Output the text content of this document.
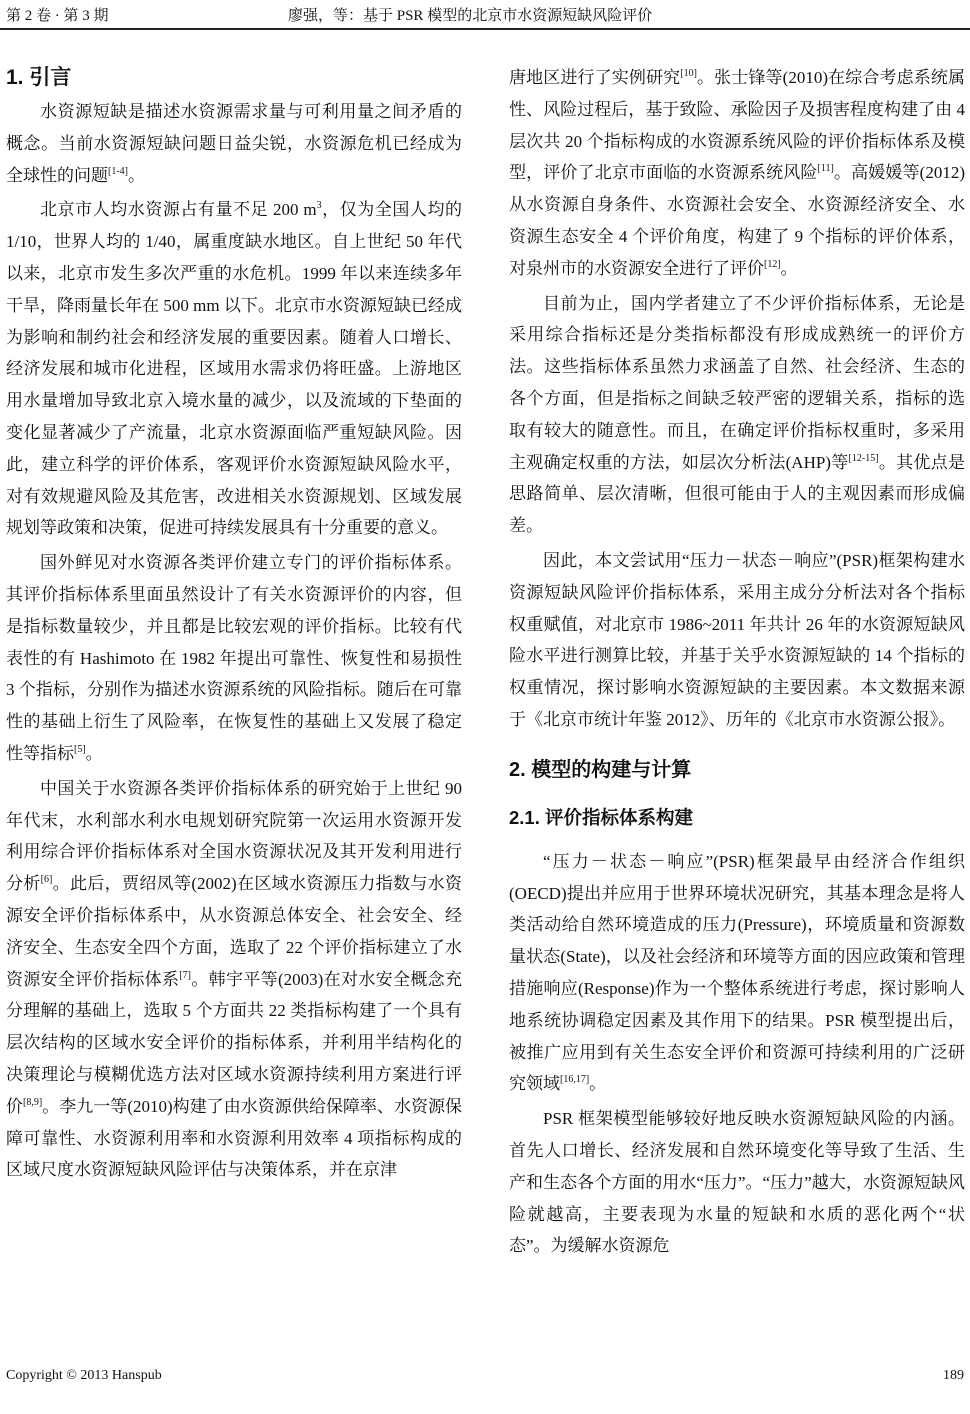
第 2 卷 · 第 3 期	廖强，等：基于 PSR 模型的北京市水资源短缺风险评价
1. 引言

水资源短缺是描述水资源需求量与可利用量之间矛盾的概念。当前水资源短缺问题日益尖锐，水资源危机已经成为全球性的问题[1-4]。

北京市人均水资源占有量不足 200 $m^3$，仅为全国人均的 1/10，世界人均的 1/40，属重度缺水地区。自上世纪 50 年代以来，北京市发生多次严重的水危机。1999 年以来连续多年干旱，降雨量长年在 500 mm 以下。北京市水资源短缺已经成为影响和制约社会和经济发展的重要因素。随着人口增长、经济发展和城市化进程，区域用水需求仍将旺盛。上游地区用水量增加导致北京入境水量的减少，以及流域的下垫面的变化显著减少了产流量，北京水资源面临严重短缺风险。因此，建立科学的评价体系，客观评价水资源短缺风险水平，对有效规避风险及其危害，改进相关水资源规划、区域发展规划等政策和决策，促进可持续发展具有十分重要的意义。

国外鲜见对水资源各类评价建立专门的评价指标体系。其评价指标体系里面虽然设计了有关水资源评价的内容，但是指标数量较少，并且都是比较宏观的评价指标。比较有代表性的有 Hashimoto 在 1982 年提出可靠性、恢复性和易损性 3 个指标，分别作为描述水资源系统的风险指标。随后在可靠性的基础上衍生了风险率，在恢复性的基础上又发展了稳定性等指标[5]。

中国关于水资源各类评价指标体系的研究始于上世纪 90 年代末，水利部水利水电规划研究院第一次运用水资源开发利用综合评价指标体系对全国水资源状况及其开发利用进行分析[6]。此后，贾绍凤等(2002)在区域水资源压力指数与水资源安全评价指标体系中，从水资源总体安全、社会安全、经济安全、生态安全四个方面，选取了 22 个评价指标建立了水资源安全评价指标体系[7]。韩宇平等(2003)在对水安全概念充分理解的基础上，选取 5 个方面共 22 类指标构建了一个具有层次结构的区域水安全评价的指标体系，并利用半结构化的决策理论与模糊优选方法对区域水资源持续利用方案进行评价[8,9]。李九一等(2010)构建了由水资源供给保障率、水资源保障可靠性、水资源利用率和水资源利用效率 4 项指标构成的区域尺度水资源短缺风险评估与决策体系，并在京津

唐地区进行了实例研究[10]。张士锋等(2010)在综合考虑系统属性、风险过程后，基于致险、承险因子及损害程度构建了由 4 层次共 20 个指标构成的水资源系统风险的评价指标体系及模型，评价了北京市面临的水资源系统风险[11]。高媛媛等(2012)从水资源自身条件、水资源社会安全、水资源经济安全、水资源生态安全 4 个评价角度，构建了 9 个指标的评价体系，对泉州市的水资源安全进行了评价[12]。

目前为止，国内学者建立了不少评价指标体系，无论是采用综合指标还是分类指标都没有形成成熟统一的评价方法。这些指标体系虽然力求涵盖了自然、社会经济、生态的各个方面，但是指标之间缺乏较严密的逻辑关系，指标的选取有较大的随意性。而且，在确定评价指标权重时，多采用主观确定权重的方法，如层次分析法(AHP)等[12-15]。其优点是思路简单、层次清晰，但很可能由于人的主观因素而形成偏差。

因此，本文尝试用“压力－状态－响应”(PSR)框架构建水资源短缺风险评价指标体系，采用主成分分析法对各个指标权重赋值，对北京市 1986~2011 年共计 26 年的水资源短缺风险水平进行测算比较，并基于关乎水资源短缺的 14 个指标的权重情况，探讨影响水资源短缺的主要因素。本文数据来源于《北京市统计年鉴 2012》、历年的《北京市水资源公报》。

2. 模型的构建与计算
2.1. 评价指标体系构建

“压力－状态－响应”(PSR)框架最早由经济合作组织(OECD)提出并应用于世界环境状况研究，其基本理念是将人类活动给自然环境造成的压力(Pressure)，环境质量和资源数量状态(State)，以及社会经济和环境等方面的因应政策和管理措施响应(Response)作为一个整体系统进行考虑，探讨影响人地系统协调稳定因素及其作用下的结果。PSR 模型提出后，被推广应用到有关生态安全评价和资源可持续利用的广泛研究领域[16,17]。

PSR 框架模型能够较好地反映水资源短缺风险的内涵。首先人口增长、经济发展和自然环境变化等导致了生活、生产和生态各个方面的用水“压力”。“压力”越大，水资源短缺风险就越高，主要表现为水量的短缺和水质的恶化两个“状态”。为缓解水资源危

Copyright © 2013 Hanspub	189
